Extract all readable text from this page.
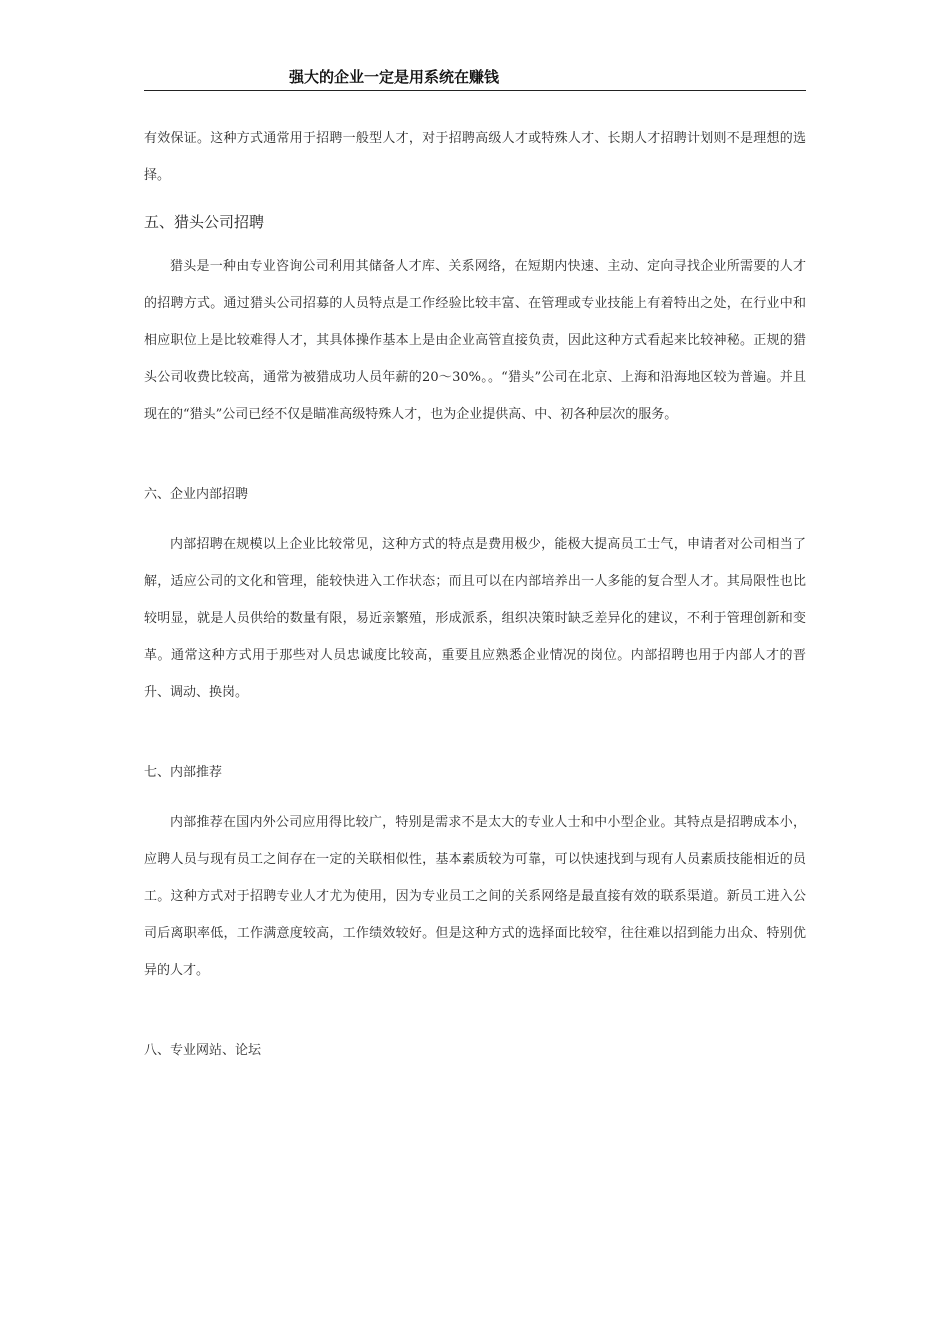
强大的企业一定是用系统在赚钱

有效保证。这种方式通常用于招聘一般型人才，对于招聘高级人才或特殊人才、长期人才招聘计划则不是理想的选择。

五、猎头公司招聘

猎头是一种由专业咨询公司利用其储备人才库、关系网络，在短期内快速、主动、定向寻找企业所需要的人才的招聘方式。通过猎头公司招募的人员特点是工作经验比较丰富、在管理或专业技能上有着特出之处，在行业中和相应职位上是比较难得人才，其具体操作基本上是由企业高管直接负责，因此这种方式看起来比较神秘。正规的猎头公司收费比较高，通常为被猎成功人员年薪的20～30%。。“猎头”公司在北京、上海和沿海地区较为普遍。并且现在的“猎头”公司已经不仅是瞄准高级特殊人才，也为企业提供高、中、初各种层次的服务。

六、企业内部招聘

内部招聘在规模以上企业比较常见，这种方式的特点是费用极少，能极大提高员工士气，申请者对公司相当了解，适应公司的文化和管理，能较快进入工作状态；而且可以在内部培养出一人多能的复合型人才。其局限性也比较明显，就是人员供给的数量有限，易近亲繁殖，形成派系，组织决策时缺乏差异化的建议，不利于管理创新和变革。通常这种方式用于那些对人员忠诚度比较高，重要且应熟悉企业情况的岗位。内部招聘也用于内部人才的晋升、调动、换岗。

七、内部推荐

内部推荐在国内外公司应用得比较广，特别是需求不是太大的专业人士和中小型企业。其特点是招聘成本小，应聘人员与现有员工之间存在一定的关联相似性，基本素质较为可靠，可以快速找到与现有人员素质技能相近的员工。这种方式对于招聘专业人才尤为使用，因为专业员工之间的关系网络是最直接有效的联系渠道。新员工进入公司后离职率低，工作满意度较高，工作绩效较好。但是这种方式的选择面比较窄，往往难以招到能力出众、特别优异的人才。

八、专业网站、论坛
